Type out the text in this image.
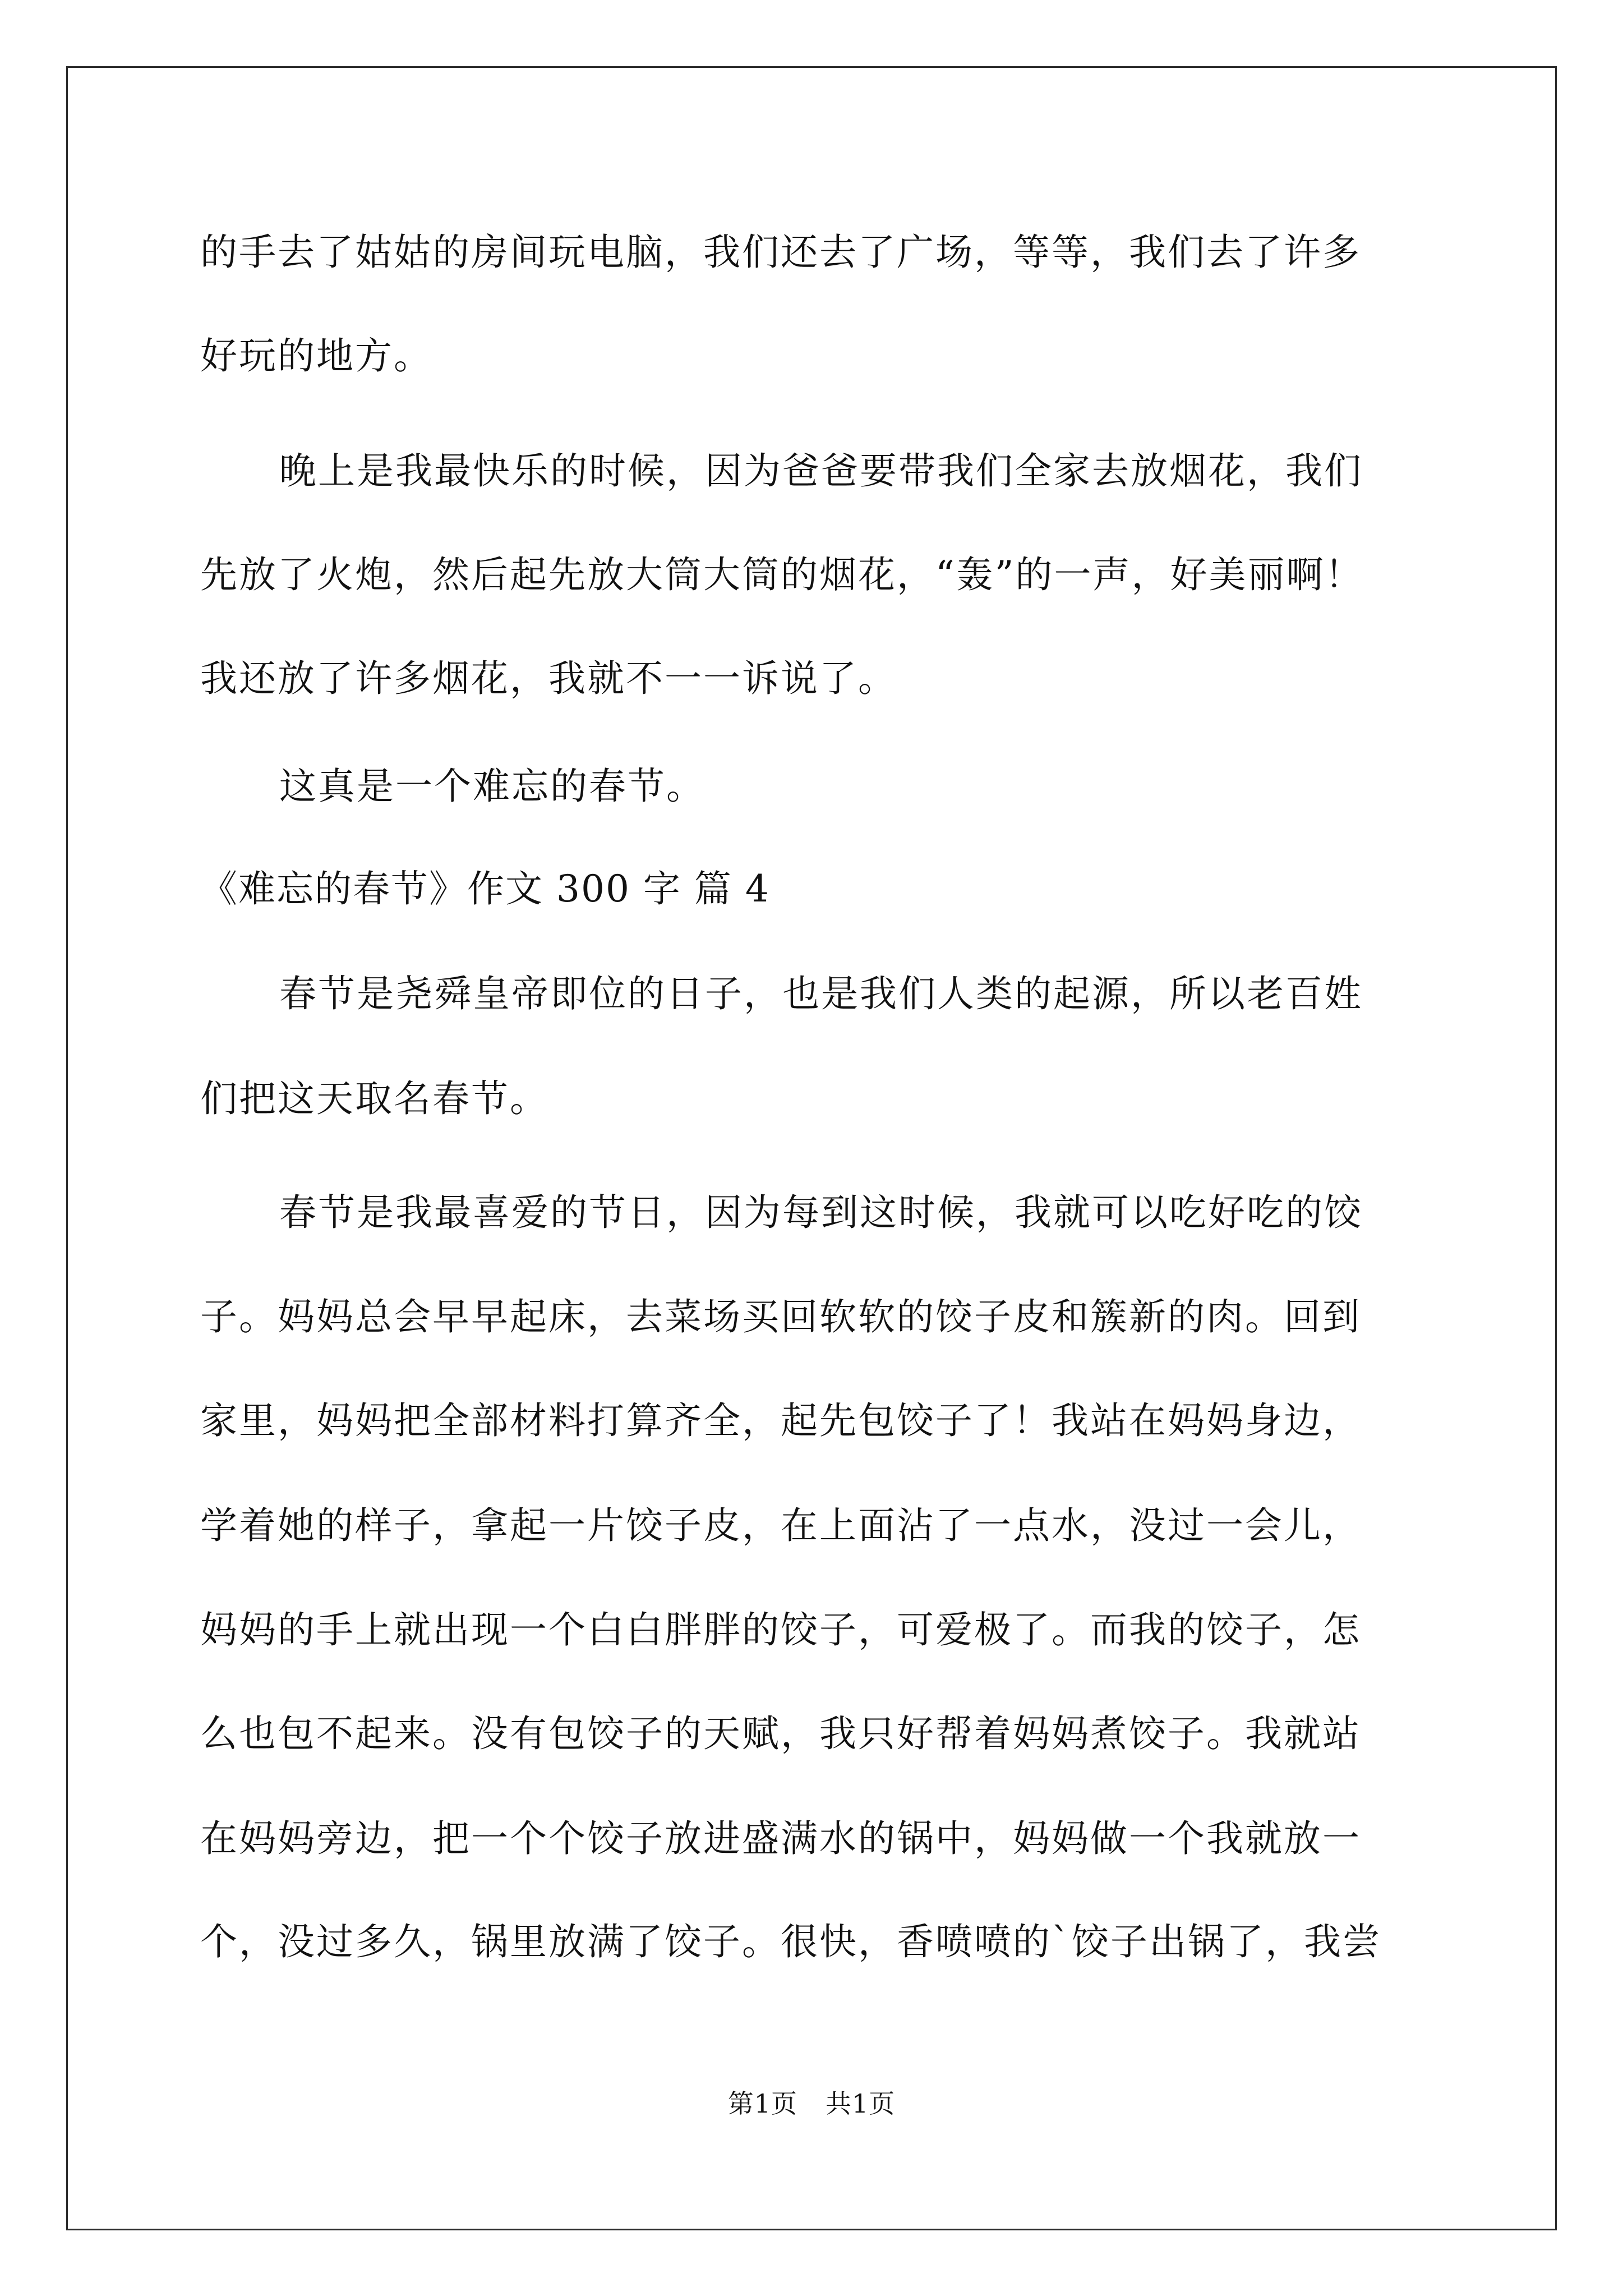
的手去了姑姑的房间玩电脑，我们还去了广场，等等，我们去了许多
好玩的地方。
晚上是我最快乐的时候，因为爸爸要带我们全家去放烟花，我们
先放了火炮，然后起先放大筒大筒的烟花，“轰”的一声，好美丽啊！
我还放了许多烟花，我就不一一诉说了。
这真是一个难忘的春节。
《难忘的春节》作文 300 字 篇 4
春节是尧舜皇帝即位的日子，也是我们人类的起源，所以老百姓
们把这天取名春节。
春节是我最喜爱的节日，因为每到这时候，我就可以吃好吃的饺
子。妈妈总会早早起床，去菜场买回软软的饺子皮和簇新的肉。回到
家里，妈妈把全部材料打算齐全，起先包饺子了！我站在妈妈身边，
学着她的样子，拿起一片饺子皮，在上面沾了一点水，没过一会儿，
妈妈的手上就出现一个白白胖胖的饺子，可爱极了。而我的饺子，怎
么也包不起来。没有包饺子的天赋，我只好帮着妈妈煮饺子。我就站
在妈妈旁边，把一个个饺子放进盛满水的锅中，妈妈做一个我就放一
个，没过多久，锅里放满了饺子。很快，香喷喷的`饺子出锅了，我尝
第1页 共1页
